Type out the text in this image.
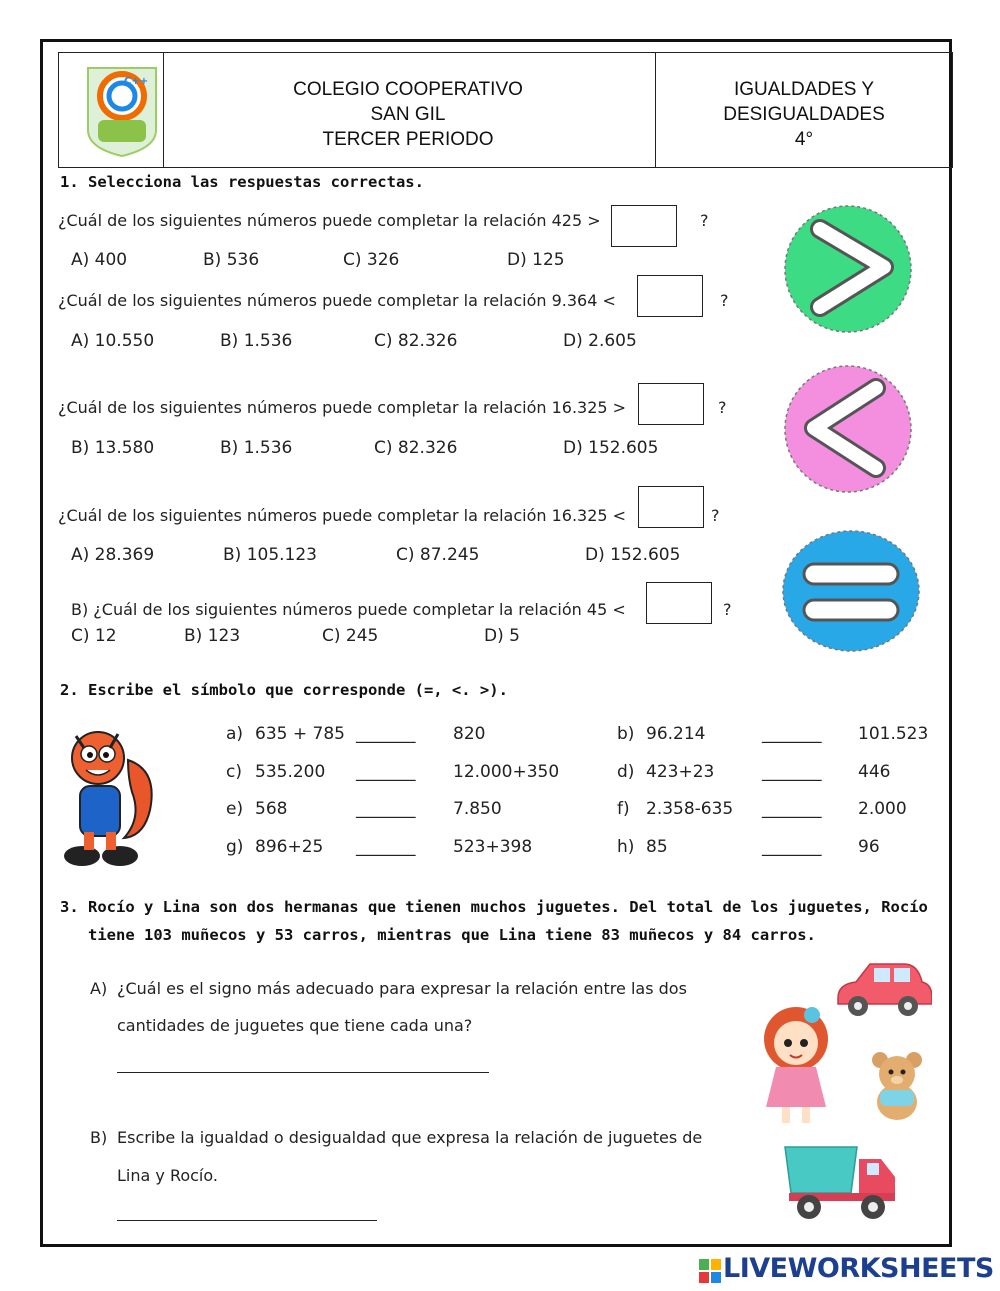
C++	COLEGIO COOPERATIVO
SAN GIL
TERCER PERIODO
IGUALDADES Y
DESIGUALDADES
4°
1. Selecciona las respuestas correctas.
¿Cuál de los siguientes números puede completar la relación 425 >	?
A) 400	B) 536	C) 326	D) 125
¿Cuál de los siguientes números puede completar la relación 9.364 <	?
A) 10.550	B) 1.536	C) 82.326	D) 2.605
¿Cuál de los siguientes números puede completar la relación 16.325 >	?
B) 13.580	B) 1.536	C) 82.326	D) 152.605
¿Cuál de los siguientes números puede completar la relación 16.325 <	?
A) 28.369	B) 105.123	C) 87.245	D) 152.605
B) ¿Cuál de los siguientes números puede completar la relación 45 <	?
C) 12	B) 123	C) 245	D) 5
2. Escribe el símbolo que corresponde (=, <. >).
a) 635 + 785 _______ 820	b) 96.214	_______ 101.523
c) 535.200 _______ 12.000+350	d) 423+23	_______ 446
e) 568	_______ 7.850	f) 2.358-635 _______ 2.000
g) 896+25 _______ 523+398	h) 85	_______ 96
3. Rocío y Lina son dos hermanas que tienen muchos juguetes. Del total de los juguetes, Rocío
tiene 103 muñecos y 53 carros, mientras que Lina tiene 83 muñecos y 84 carros.
A) ¿Cuál es el signo más adecuado para expresar la relación entre las dos
cantidades de juguetes que tiene cada una?
B) Escribe la igualdad o desigualdad que expresa la relación de juguetes de
Lina y Rocío.
LIVEWORKSHEETS
